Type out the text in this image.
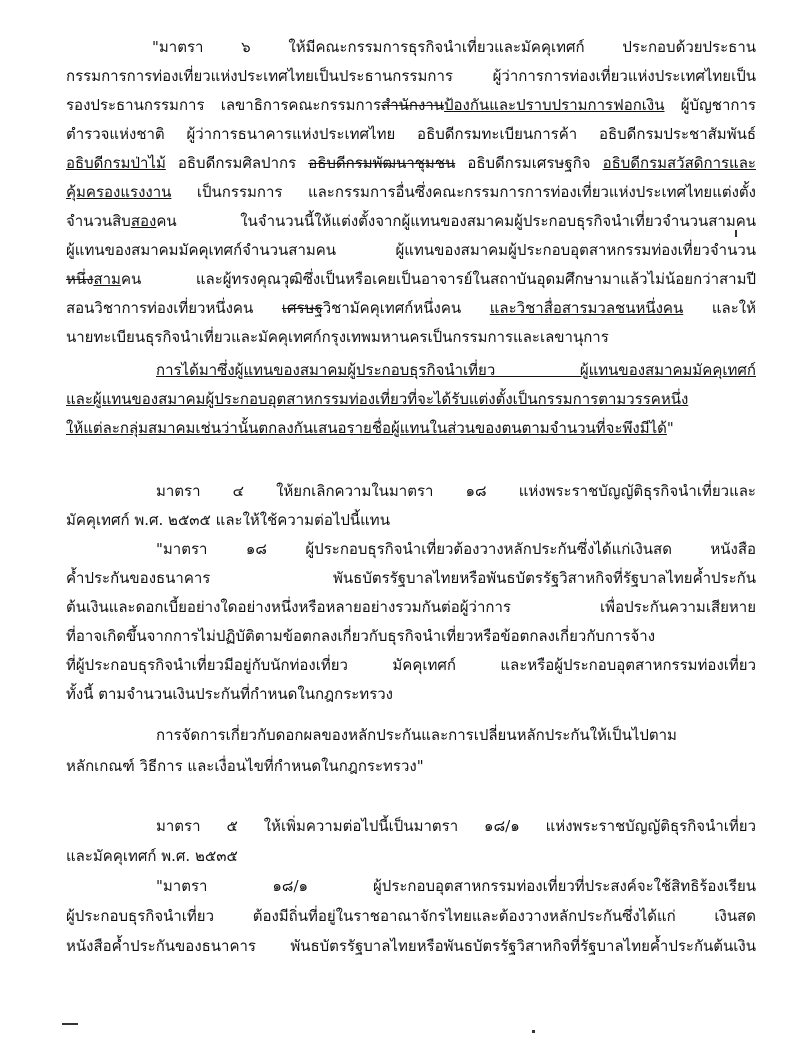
"มาตรา ๖ ให้มีคณะกรรมการธุรกิจนำเที่ยวและมัคคุเทศก์ ประกอบด้วยประธาน
กรรมการการท่องเที่ยวแห่งประเทศไทยเป็นประธานกรรมการ ผู้ว่าการการท่องเที่ยวแห่งประเทศไทยเป็น
รองประธานกรรมการ เลขาธิการคณะกรรมการสำนักงานป้องกันและปราบปรามการฟอกเงิน ผู้บัญชาการ
ตำรวจแห่งชาติ ผู้ว่าการธนาคารแห่งประเทศไทย อธิบดีกรมทะเบียนการค้า อธิบดีกรมประชาสัมพันธ์
อธิบดีกรมป่าไม้ อธิบดีกรมศิลปากร อธิบดีกรมพัฒนาชุมชน อธิบดีกรมเศรษฐกิจ อธิบดีกรมสวัสดิการและ
คุ้มครองแรงงาน เป็นกรรมการ และกรรมการอื่นซึ่งคณะกรรมการการท่องเที่ยวแห่งประเทศไทยแต่งตั้ง
จำนวนสิบสองคน ในจำนวนนี้ให้แต่งตั้งจากผู้แทนของสมาคมผู้ประกอบธุรกิจนำเที่ยวจำนวนสามคน
ผู้แทนของสมาคมมัคคุเทศก์จำนวนสามคน ผู้แทนของสมาคมผู้ประกอบอุตสาหกรรมท่องเที่ยวจำนวน
หนึ่งสามคน และผู้ทรงคุณวุฒิซึ่งเป็นหรือเคยเป็นอาจารย์ในสถาบันอุดมศึกษามาแล้วไม่น้อยกว่าสามปี
สอนวิชาการท่องเที่ยวหนึ่งคน เศรษฐวิชามัคคุเทศก์หนึ่งคน และวิชาสื่อสารมวลชนหนึ่งคน และให้
นายทะเบียนธุรกิจนำเที่ยวและมัคคุเทศก์กรุงเทพมหานครเป็นกรรมการและเลขานุการ
การได้มาซึ่งผู้แทนของสมาคมผู้ประกอบธุรกิจนำเที่ยว ผู้แทนของสมาคมมัคคุเทศก์
และผู้แทนของสมาคมผู้ประกอบอุตสาหกรรมท่องเที่ยวที่จะได้รับแต่งตั้งเป็นกรรมการตามวรรคหนึ่ง
ให้แต่ละกลุ่มสมาคมเช่นว่านั้นตกลงกันเสนอรายชื่อผู้แทนในส่วนของตนตามจำนวนที่จะพึงมีได้"
มาตรา ๔ ให้ยกเลิกความในมาตรา ๑๘ แห่งพระราชบัญญัติธุรกิจนำเที่ยวและ
มัคคุเทศก์ พ.ศ. ๒๕๓๕ และให้ใช้ความต่อไปนี้แทน
"มาตรา ๑๘ ผู้ประกอบธุรกิจนำเที่ยวต้องวางหลักประกันซึ่งได้แก่เงินสด หนังสือ
ค้ำประกันของธนาคาร พันธบัตรรัฐบาลไทยหรือพันธบัตรรัฐวิสาหกิจที่รัฐบาลไทยค้ำประกัน
ต้นเงินและดอกเบี้ยอย่างใดอย่างหนึ่งหรือหลายอย่างรวมกันต่อผู้ว่าการ เพื่อประกันความเสียหาย
ที่อาจเกิดขึ้นจากการไม่ปฏิบัติตามข้อตกลงเกี่ยวกับธุรกิจนำเที่ยวหรือข้อตกลงเกี่ยวกับการจ้าง
ที่ผู้ประกอบธุรกิจนำเที่ยวมีอยู่กับนักท่องเที่ยว มัคคุเทศก์ และหรือผู้ประกอบอุตสาหกรรมท่องเที่ยว
ทั้งนี้ ตามจำนวนเงินประกันที่กำหนดในกฎกระทรวง
การจัดการเกี่ยวกับดอกผลของหลักประกันและการเปลี่ยนหลักประกันให้เป็นไปตาม
หลักเกณฑ์ วิธีการ และเงื่อนไขที่กำหนดในกฎกระทรวง"
มาตรา ๕ ให้เพิ่มความต่อไปนี้เป็นมาตรา ๑๘/๑ แห่งพระราชบัญญัติธุรกิจนำเที่ยว
และมัคคุเทศก์ พ.ศ. ๒๕๓๕
"มาตรา ๑๘/๑ ผู้ประกอบอุตสาหกรรมท่องเที่ยวที่ประสงค์จะใช้สิทธิร้องเรียน
ผู้ประกอบธุรกิจนำเที่ยว ต้องมีถิ่นที่อยู่ในราชอาณาจักรไทยและต้องวางหลักประกันซึ่งได้แก่ เงินสด
หนังสือค้ำประกันของธนาคาร พันธบัตรรัฐบาลไทยหรือพันธบัตรรัฐวิสาหกิจที่รัฐบาลไทยค้ำประกันต้นเงิน
